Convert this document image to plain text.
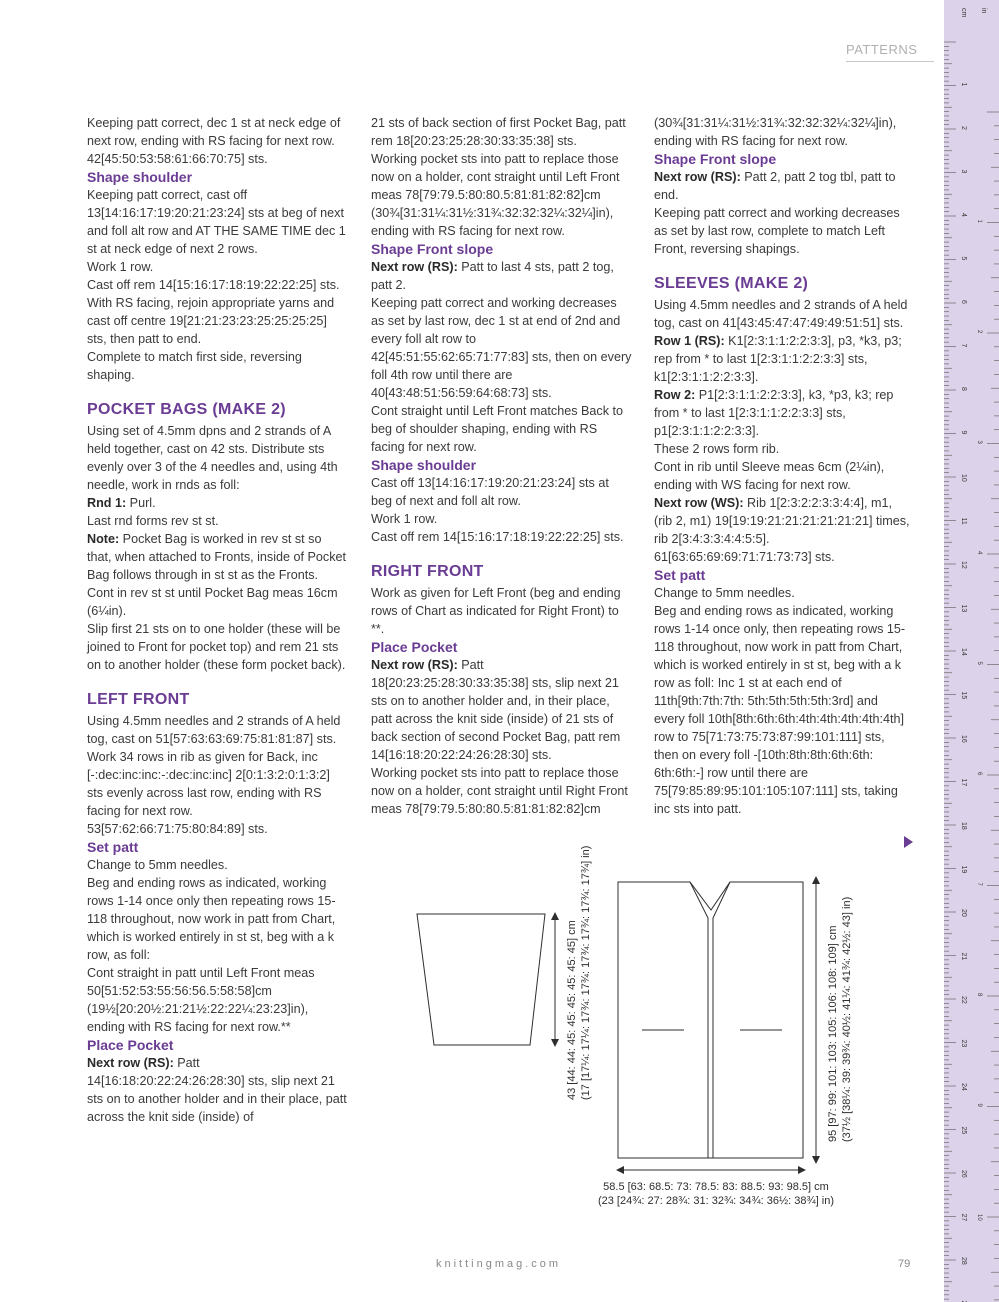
PATTERNS

Keeping patt correct, dec 1 st at neck edge of next row, ending with RS facing for next row. 42[45:50:53:58:61:66:70:75] sts.

Shape shoulder

Keeping patt correct, cast off 13[14:16:17:19:20:21:23:24] sts at beg of next and foll alt row and AT THE SAME TIME dec 1 st at neck edge of next 2 rows.

Work 1 row.

Cast off rem 14[15:16:17:18:19:22:22:25] sts.

With RS facing, rejoin appropriate yarns and cast off centre 19[21:21:23:23:25:25:25:25] sts, then patt to end.

Complete to match first side, reversing shaping.

POCKET BAGS (MAKE 2)

Using set of 4.5mm dpns and 2 strands of A held together, cast on 42 sts. Distribute sts evenly over 3 of the 4 needles and, using 4th needle, work in rnds as foll:

Rnd 1: Purl.

Last rnd forms rev st st.

Note: Pocket Bag is worked in rev st st so that, when attached to Fronts, inside of Pocket Bag follows through in st st as the Fronts.

Cont in rev st st until Pocket Bag meas 16cm (6¼in).

Slip first 21 sts on to one holder (these will be joined to Front for pocket top) and rem 21 sts on to another holder (these form pocket back).

LEFT FRONT

Using 4.5mm needles and 2 strands of A held tog, cast on 51[57:63:63:69:75:81:81:87] sts.

Work 34 rows in rib as given for Back, inc [-:dec:inc:inc:-:dec:inc:inc] 2[0:1:3:2:0:1:3:2] sts evenly across last row, ending with RS facing for next row. 53[57:62:66:71:75:80:84:89] sts.

Set patt

Change to 5mm needles.

Beg and ending rows as indicated, working rows 1-14 once only then repeating rows 15-118 throughout, now work in patt from Chart, which is worked entirely in st st, beg with a k row, as foll:

Cont straight in patt until Left Front meas 50[51:52:53:55:56:56.5:58:58]cm (19½[20:20½:21:21½:22:22¼:23:23]in), ending with RS facing for next row.**

Place Pocket

Next row (RS): Patt 14[16:18:20:22:24:26:28:30] sts, slip next 21 sts on to another holder and in their place, patt across the knit side (inside) of

21 sts of back section of first Pocket Bag, patt rem 18[20:23:25:28:30:33:35:38] sts.

Working pocket sts into patt to replace those now on a holder, cont straight until Left Front meas 78[79:79.5:80:80.5:81:81:82:82]cm (30¾[31:31¼:31½:31¾:32:32:32¼:32¼]in), ending with RS facing for next row.

Shape Front slope

Next row (RS): Patt to last 4 sts, patt 2 tog, patt 2.

Keeping patt correct and working decreases as set by last row, dec 1 st at end of 2nd and every foll alt row to 42[45:51:55:62:65:71:77:83] sts, then on every foll 4th row until there are 40[43:48:51:56:59:64:68:73] sts.

Cont straight until Left Front matches Back to beg of shoulder shaping, ending with RS facing for next row.

Shape shoulder

Cast off 13[14:16:17:19:20:21:23:24] sts at beg of next and foll alt row.

Work 1 row.

Cast off rem 14[15:16:17:18:19:22:22:25] sts.

RIGHT FRONT

Work as given for Left Front (beg and ending rows of Chart as indicated for Right Front) to **.

Place Pocket

Next row (RS): Patt 18[20:23:25:28:30:33:35:38] sts, slip next 21 sts on to another holder and, in their place, patt across the knit side (inside) of 21 sts of back section of second Pocket Bag, patt rem 14[16:18:20:22:24:26:28:30] sts.

Working pocket sts into patt to replace those now on a holder, cont straight until Right Front meas 78[79:79.5:80:80.5:81:81:82:82]cm

(30¾[31:31¼:31½:31¾:32:32:32¼:32¼]in), ending with RS facing for next row.

Shape Front slope

Next row (RS): Patt 2, patt 2 tog tbl, patt to end.

Keeping patt correct and working decreases as set by last row, complete to match Left Front, reversing shapings.

SLEEVES (MAKE 2)

Using 4.5mm needles and 2 strands of A held tog, cast on 41[43:45:47:47:49:49:51:51] sts.

Row 1 (RS): K1[2:3:1:1:2:2:3:3], p3, *k3, p3; rep from * to last 1[2:3:1:1:2:2:3:3] sts, k1[2:3:1:1:2:2:3:3].

Row 2: P1[2:3:1:1:2:2:3:3], k3, *p3, k3; rep from * to last 1[2:3:1:1:2:2:3:3] sts, p1[2:3:1:1:2:2:3:3].

These 2 rows form rib.

Cont in rib until Sleeve meas 6cm (2¼in), ending with WS facing for next row.

Next row (WS): Rib 1[2:3:2:2:3:3:4:4], m1, (rib 2, m1) 19[19:19:21:21:21:21:21:21] times, rib 2[3:4:3:3:4:4:5:5]. 61[63:65:69:69:71:71:73:73] sts.

Set patt

Change to 5mm needles.

Beg and ending rows as indicated, working rows 1-14 once only, then repeating rows 15-118 throughout, now work in patt from Chart, which is worked entirely in st st, beg with a k row as foll: Inc 1 st at each end of 11th[9th:7th:7th: 5th:5th:5th:5th:3rd] and every foll 10th[8th:6th:6th:4th:4th:4th:4th:4th] row to 75[71:73:75:73:87:99:101:111] sts, then on every foll -[10th:8th:8th:6th:6th: 6th:6th:-] row until there are 75[79:85:89:95:101:105:107:111] sts, taking inc sts into patt.

43 [44: 44: 45: 45: 45: 45: 45: 45] cm (17 [17¼: 17¼: 17¾: 17¾: 17¾: 17¾: 17¾: 17¾] in)	95 [97: 99: 101: 103: 105: 106: 108: 109] cm (37½ [38¼: 39: 39¾: 40½: 41¼: 41¾: 42½: 43] in)
58.5 [63: 68.5: 73: 78.5: 83: 88.5: 93: 98.5] cm
(23 [24¾: 27: 28¾: 31: 32¾: 34¾: 36½: 38¾] in)
knittingmag.com	79
cm in
1
2
3
4
5
6
7
8
9
10
11
12
13
14
15
16
17
18
19
20
21
22
23
24
25
26
27
28
1
2
3
4
5
6
7
8
9
10
